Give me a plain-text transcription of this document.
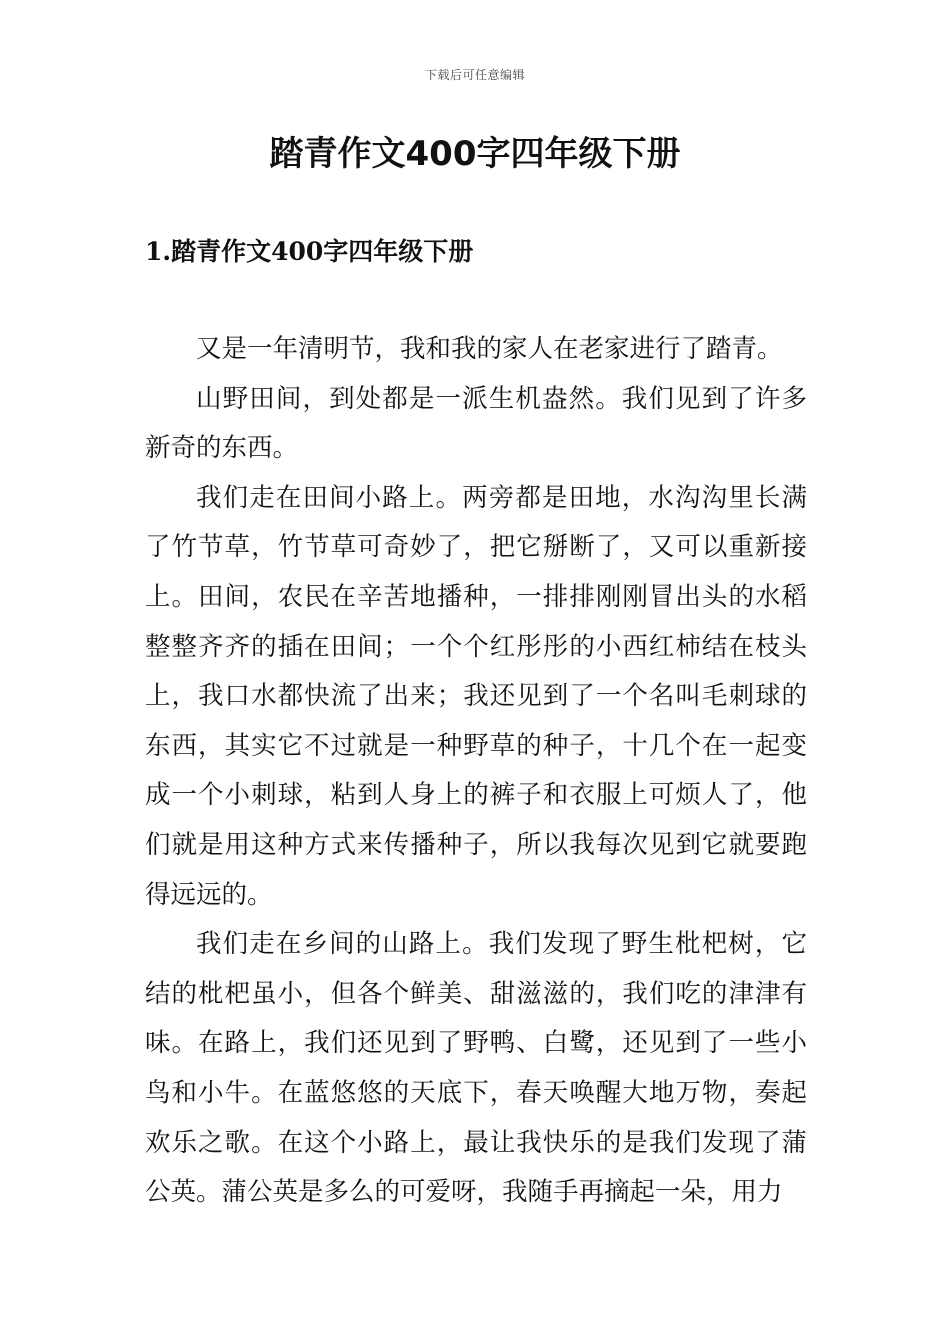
下载后可任意编辑
踏青作文400字四年级下册
1.踏青作文400字四年级下册

又是一年清明节，我和我的家人在老家进行了踏青。

山野田间，到处都是一派生机盎然。我们见到了许多新奇的东西。

我们走在田间小路上。两旁都是田地，水沟沟里长满了竹节草，竹节草可奇妙了，把它掰断了，又可以重新接上。田间，农民在辛苦地播种，一排排刚刚冒出头的水稻整整齐齐的插在田间；一个个红彤彤的小西红柿结在枝头上，我口水都快流了出来；我还见到了一个名叫毛刺球的东西，其实它不过就是一种野草的种子，十几个在一起变成一个小刺球，粘到人身上的裤子和衣服上可烦人了，他们就是用这种方式来传播种子，所以我每次见到它就要跑得远远的。

我们走在乡间的山路上。我们发现了野生枇杷树，它结的枇杷虽小，但各个鲜美、甜滋滋的，我们吃的津津有味。在路上，我们还见到了野鸭、白鹭，还见到了一些小鸟和小牛。在蓝悠悠的天底下，春天唤醒大地万物，奏起欢乐之歌。在这个小路上，最让我快乐的是我们发现了蒲公英。蒲公英是多么的可爱呀，我随手再摘起一朵，用力
